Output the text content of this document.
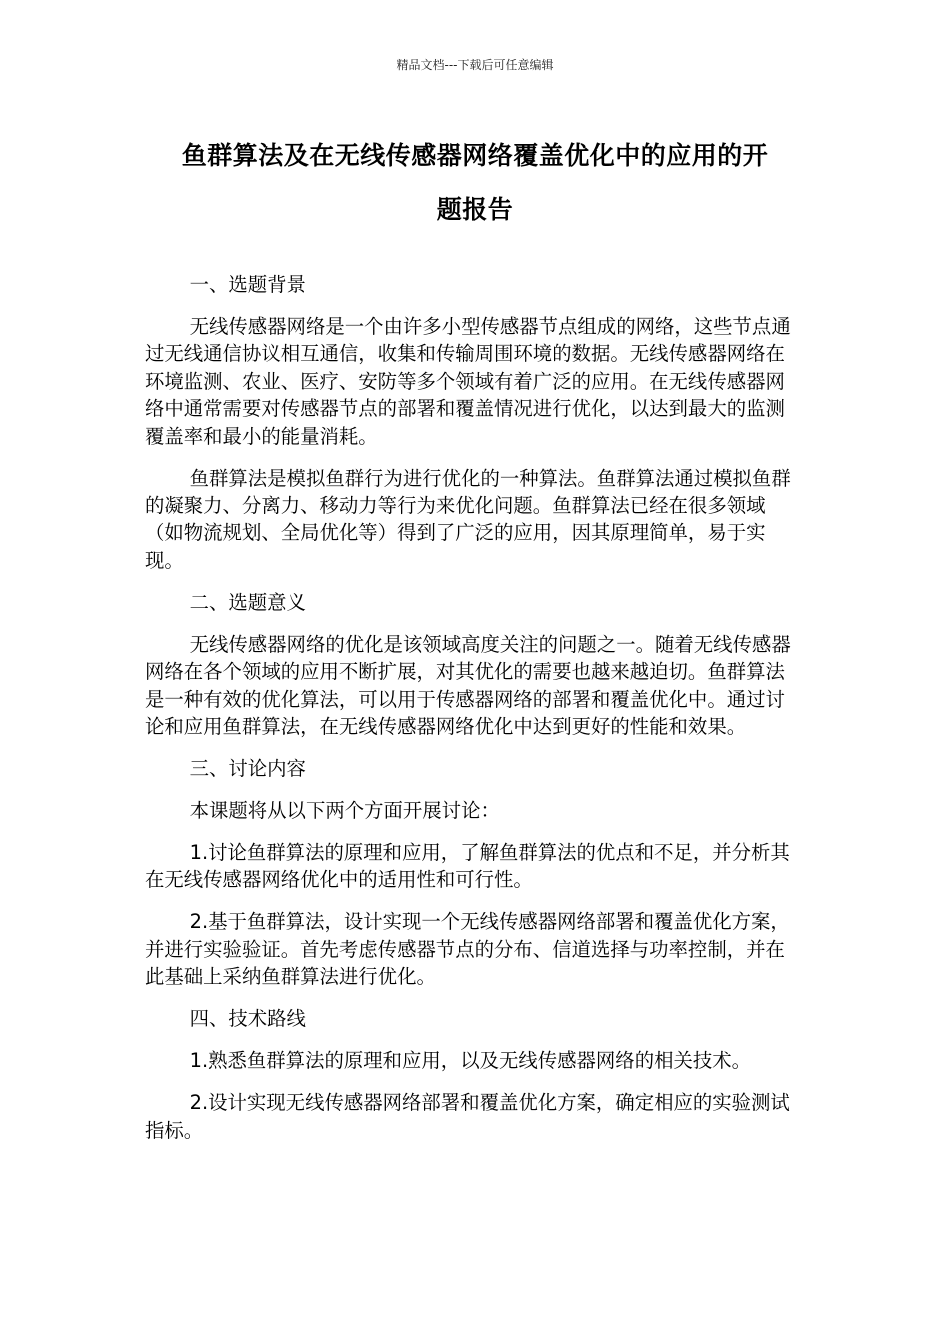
精品文档---下载后可任意编辑
鱼群算法及在无线传感器网络覆盖优化中的应用的开
题报告

一、选题背景

无线传感器网络是一个由许多小型传感器节点组成的网络，这些节点通过无线通信协议相互通信，收集和传输周围环境的数据。无线传感器网络在环境监测、农业、医疗、安防等多个领域有着广泛的应用。在无线传感器网络中通常需要对传感器节点的部署和覆盖情况进行优化，以达到最大的监测覆盖率和最小的能量消耗。

鱼群算法是模拟鱼群行为进行优化的一种算法。鱼群算法通过模拟鱼群的凝聚力、分离力、移动力等行为来优化问题。鱼群算法已经在很多领域（如物流规划、全局优化等）得到了广泛的应用，因其原理简单，易于实现。

二、选题意义

无线传感器网络的优化是该领域高度关注的问题之一。随着无线传感器网络在各个领域的应用不断扩展，对其优化的需要也越来越迫切。鱼群算法是一种有效的优化算法，可以用于传感器网络的部署和覆盖优化中。通过讨论和应用鱼群算法，在无线传感器网络优化中达到更好的性能和效果。

三、讨论内容

本课题将从以下两个方面开展讨论：

1.讨论鱼群算法的原理和应用，了解鱼群算法的优点和不足，并分析其在无线传感器网络优化中的适用性和可行性。

2.基于鱼群算法，设计实现一个无线传感器网络部署和覆盖优化方案，并进行实验验证。首先考虑传感器节点的分布、信道选择与功率控制，并在此基础上采纳鱼群算法进行优化。

四、技术路线

1.熟悉鱼群算法的原理和应用，以及无线传感器网络的相关技术。

2.设计实现无线传感器网络部署和覆盖优化方案，确定相应的实验测试指标。
